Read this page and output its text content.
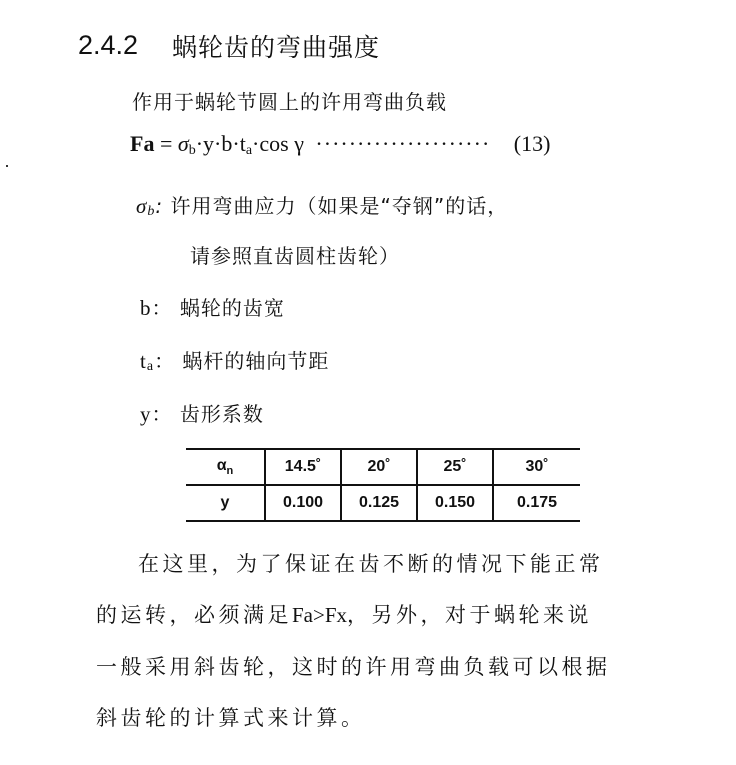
2.4.2 蜗轮齿的弯曲强度
作用于蜗轮节圆上的许用弯曲负载
$Fa = \sigma_b\cdot y\cdot b\cdot t_a\cdot\cos$ γ ····················· (13)
σb: 许用弯曲应力（如果是“夺钢”的话，
请参照直齿圆柱齿轮）
b： 蜗轮的齿宽
ta： 蜗杆的轴向节距
y： 齿形系数
$\alpha_n$	14.5˚	20˚	25˚	30˚
y	0.100	0.125	0.150	0.175
在这里，为了保证在齿不断的情况下能正常
的运转，必须满足Fa>Fx，另外，对于蜗轮来说
一般采用斜齿轮，这时的许用弯曲负载可以根据
斜齿轮的计算式来计算。
